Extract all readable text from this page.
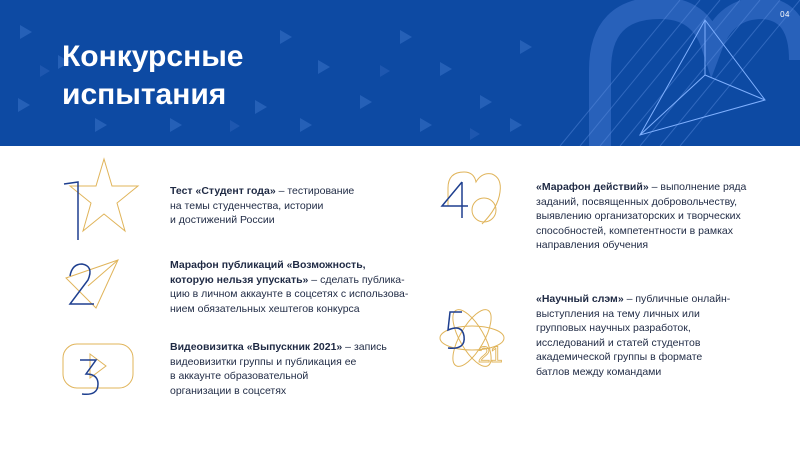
04
Конкурсные
испытания
21
Тест «Студент года» – тестирование
на темы студенчества, истории
и достижений России
Марафон публикаций «Возможность,
которую нельзя упускать» – сделать публика-
цию в личном аккаунте в соцсетях с использова-
нием обязательных хештегов конкурса
Видеовизитка «Выпускник 2021» – запись
видеовизитки группы и публикация ее
в аккаунте образовательной
организации в соцсетях
«Марафон действий» – выполнение ряда
заданий, посвященных добровольчеству,
выявлению организаторских и творческих
способностей, компетентности в рамках
направления обучения
«Научный слэм» – публичные онлайн-
выступления на тему личных или
групповых научных разработок,
исследований и статей студентов
академической группы в формате
батлов между командами
